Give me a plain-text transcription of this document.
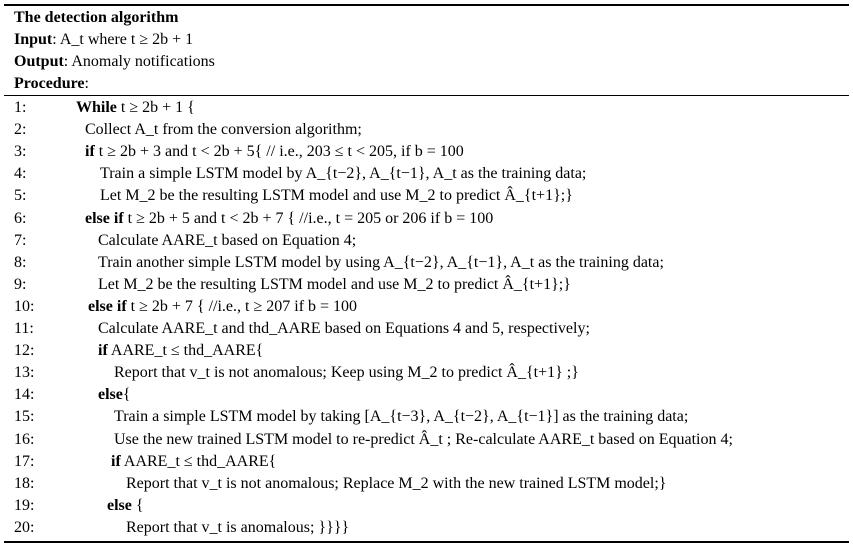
The detection algorithm
Input: A_t where t ≥ 2b + 1
Output: Anomaly notifications
Procedure:
1:	While t ≥ 2b + 1 {
2:	Collect A_t from the conversion algorithm;
3:	if t ≥ 2b + 3 and t < 2b + 5{ // i.e., 203 ≤ t < 205, if b = 100
4:	Train a simple LSTM model by A_{t−2}, A_{t−1}, A_t as the training data;
5:	Let M_2 be the resulting LSTM model and use M_2 to predict Â_{t+1};}
6:	else if t ≥ 2b + 5 and t < 2b + 7 { //i.e., t = 205 or 206 if b = 100
7:	Calculate AARE_t based on Equation 4;
8:	Train another simple LSTM model by using A_{t−2}, A_{t−1}, A_t as the training data;
9:	Let M_2 be the resulting LSTM model and use M_2 to predict Â_{t+1};}
10:	else if t ≥ 2b + 7 { //i.e., t ≥ 207 if b = 100
11:	Calculate AARE_t and thd_AARE based on Equations 4 and 5, respectively;
12:	if AARE_t ≤ thd_AARE{
13:	Report that v_t is not anomalous; Keep using M_2 to predict Â_{t+1} ;}
14:	else{
15:	Train a simple LSTM model by taking [A_{t−3}, A_{t−2}, A_{t−1}] as the training data;
16:	Use the new trained LSTM model to re-predict Â_t ; Re-calculate AARE_t based on Equation 4;
17:	if AARE_t ≤ thd_AARE{
18:	Report that v_t is not anomalous; Replace M_2 with the new trained LSTM model;}
19:	else {
20:	Report that v_t is anomalous; }}}}
